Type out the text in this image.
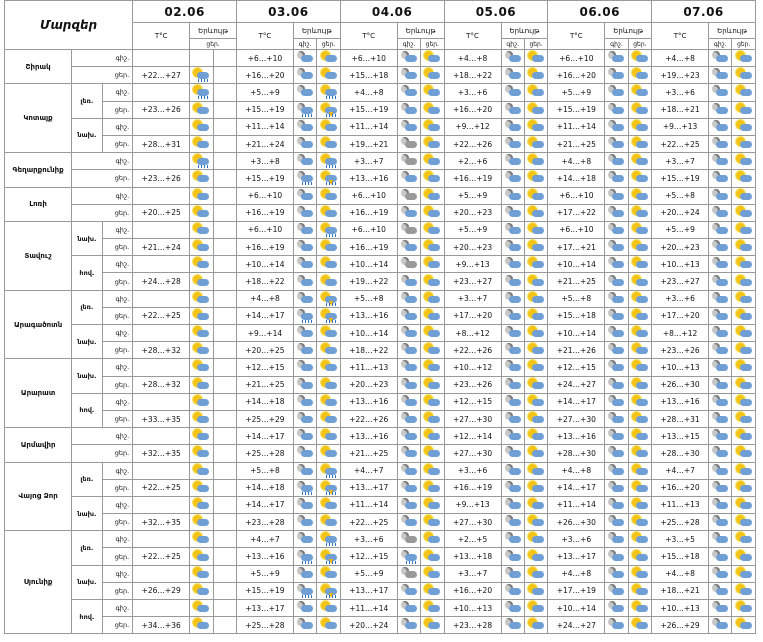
Մարզեր			02.06			03.06			04.06			05.06			06.06			07.06		
			T°C	Երևույթ		T°C	Երևույթ		T°C	Երևույթ		T°C	Երևույթ		T°C	Երևույթ		T°C	Երևույթ	
				ցեր.			գիշ.	ցեր.		գիշ.	ցեր.		գիշ.	ցեր.		գիշ.	ցեր.		գիշ.	ցեր.
Շիրակ	գիշ.					+6…+10			+6…+10			+4…+8			+6…+10			+4…+8	

	ցեր.		+22…+27			+16…+20			+15…+18			+18…+22			+16…+20			+19…+23	

Կոտայք	լեռ.	գիշ.				+5…+9			+4…+8			+3…+6			+5…+9			+3…+6	

		ցեր.	+23…+26			+15…+19			+15…+19			+16…+20			+15…+19			+18…+21	

	նախ.	գիշ.				+11…+14			+11…+14			+9…+12			+11…+14			+9…+13	

		ցեր.	+28…+31			+21…+24			+19…+21			+22…+26			+21…+25			+22…+25	

Գեղարքունիք	գիշ.					+3…+8			+3…+7			+2…+6			+4…+8			+3…+7	

	ցեր.		+23…+26			+15…+19			+13…+16			+16…+19			+14…+18			+15…+19	

Լոռի	գիշ.					+6…+10			+6…+10			+5…+9			+6…+10			+5…+8	

	ցեր.		+20…+25			+16…+19			+16…+19			+20…+23			+17…+22			+20…+24	

Տավուշ	նախ.	գիշ.				+6…+10			+6…+10			+5…+9			+6…+10			+5…+9	

		ցեր.	+21…+24			+16…+19			+16…+19			+20…+23			+17…+21			+20…+23	

	հով.	գիշ.				+10…+14			+10…+14			+9…+13			+10…+14			+10…+13	

		ցեր.	+24…+28			+18…+22			+19…+22			+23…+27			+21…+25			+23…+27	

Արագածոտն	լեռ.	գիշ.				+4…+8			+5…+8			+3…+7			+5…+8			+3…+6	

		ցեր.	+22…+25			+14…+17			+13…+16			+17…+20			+15…+18			+17…+20	

	նախ.	գիշ.				+9…+14			+10…+14			+8…+12			+10…+14			+8…+12	

		ցեր.	+28…+32			+20…+25			+18…+22			+22…+26			+21…+26			+23…+26	

Արարատ	նախ.	գիշ.				+12…+15			+11…+13			+10…+12			+12…+15			+10…+13	

		ցեր.	+28…+32			+21…+25			+20…+23			+23…+26			+24…+27			+26…+30	

	հով.	գիշ.				+14…+18			+13…+16			+12…+15			+14…+17			+13…+16	

		ցեր.	+33…+35			+25…+29			+22…+26			+27…+30			+27…+30			+28…+31	

Արմավիր	գիշ.					+14…+17			+13…+16			+12…+14			+13…+16			+13…+15	

	ցեր.		+32…+35			+25…+28			+21…+25			+27…+30			+28…+30			+28…+30	

Վայոց Ձոր	լեռ.	գիշ.				+5…+8			+4…+7			+3…+6			+4…+8			+4…+7	

		ցեր.	+22…+25			+14…+18			+13…+17			+16…+19			+14…+17			+16…+20	

	նախ.	գիշ.				+14…+17			+11…+14			+9…+13			+11…+14			+11…+13	

		ցեր.	+32…+35			+23…+28			+22…+25			+27…+30			+26…+30			+25…+28	

Սյունիք	լեռ.	գիշ.				+4…+7			+3…+6			+2…+5			+3…+6			+3…+5	

		ցեր.	+22…+25			+13…+16			+12…+15			+13…+18			+13…+17			+15…+18	

	նախ.	գիշ.				+5…+9			+5…+9			+3…+7			+4…+8			+4…+8	

		ցեր.	+26…+29			+15…+19			+13…+17			+16…+20			+17…+19			+18…+21	

	հով.	գիշ.				+13…+17			+11…+14			+10…+13			+10…+14			+10…+13	

		ցեր.	+34…+36			+25…+28			+20…+24			+23…+28			+24…+27			+26…+29	
